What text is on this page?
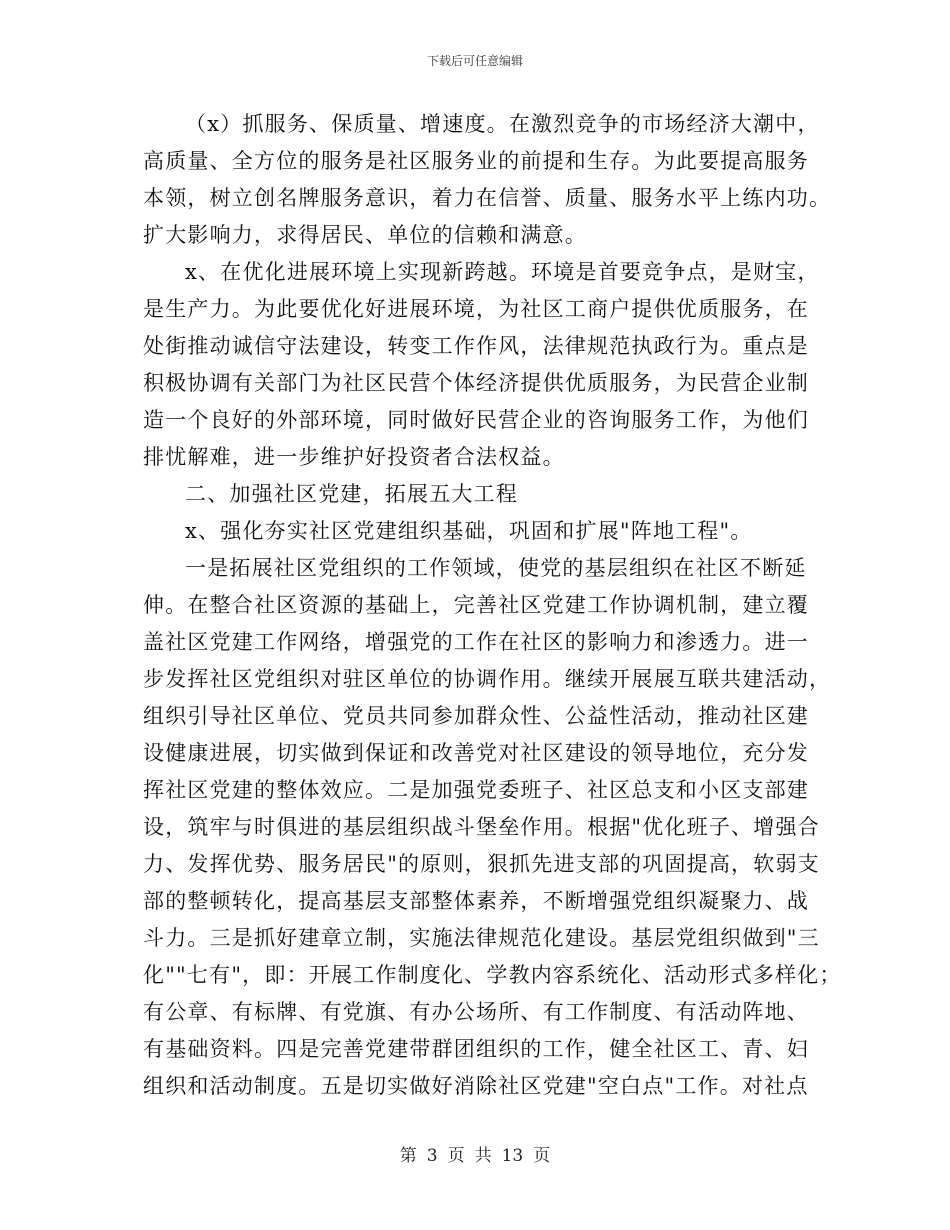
下载后可任意编辑
（x）抓服务、保质量、增速度。在激烈竞争的市场经济大潮中，
高质量、全方位的服务是社区服务业的前提和生存。为此要提高服务
本领，树立创名牌服务意识，着力在信誉、质量、服务水平上练内功。
扩大影响力，求得居民、单位的信赖和满意。
x、在优化进展环境上实现新跨越。环境是首要竞争点，是财宝，
是生产力。为此要优化好进展环境，为社区工商户提供优质服务，在
处街推动诚信守法建设，转变工作作风，法律规范执政行为。重点是
积极协调有关部门为社区民营个体经济提供优质服务，为民营企业制
造一个良好的外部环境，同时做好民营企业的咨询服务工作，为他们
排忧解难，进一步维护好投资者合法权益。
二、加强社区党建，拓展五大工程
x、强化夯实社区党建组织基础，巩固和扩展"阵地工程"。
一是拓展社区党组织的工作领域，使党的基层组织在社区不断延
伸。在整合社区资源的基础上，完善社区党建工作协调机制，建立覆
盖社区党建工作网络，增强党的工作在社区的影响力和渗透力。进一
步发挥社区党组织对驻区单位的协调作用。继续开展展互联共建活动，
组织引导社区单位、党员共同参加群众性、公益性活动，推动社区建
设健康进展，切实做到保证和改善党对社区建设的领导地位，充分发
挥社区党建的整体效应。二是加强党委班子、社区总支和小区支部建
设，筑牢与时俱进的基层组织战斗堡垒作用。根据"优化班子、增强合
力、发挥优势、服务居民"的原则，狠抓先进支部的巩固提高，软弱支
部的整顿转化，提高基层支部整体素养，不断增强党组织凝聚力、战
斗力。三是抓好建章立制，实施法律规范化建设。基层党组织做到"三
化""七有"，即：开展工作制度化、学教内容系统化、活动形式多样化；
有公章、有标牌、有党旗、有办公场所、有工作制度、有活动阵地、
有基础资料。四是完善党建带群团组织的工作，健全社区工、青、妇
组织和活动制度。五是切实做好消除社区党建"空白点"工作。对社点
第 3 页 共 13 页
